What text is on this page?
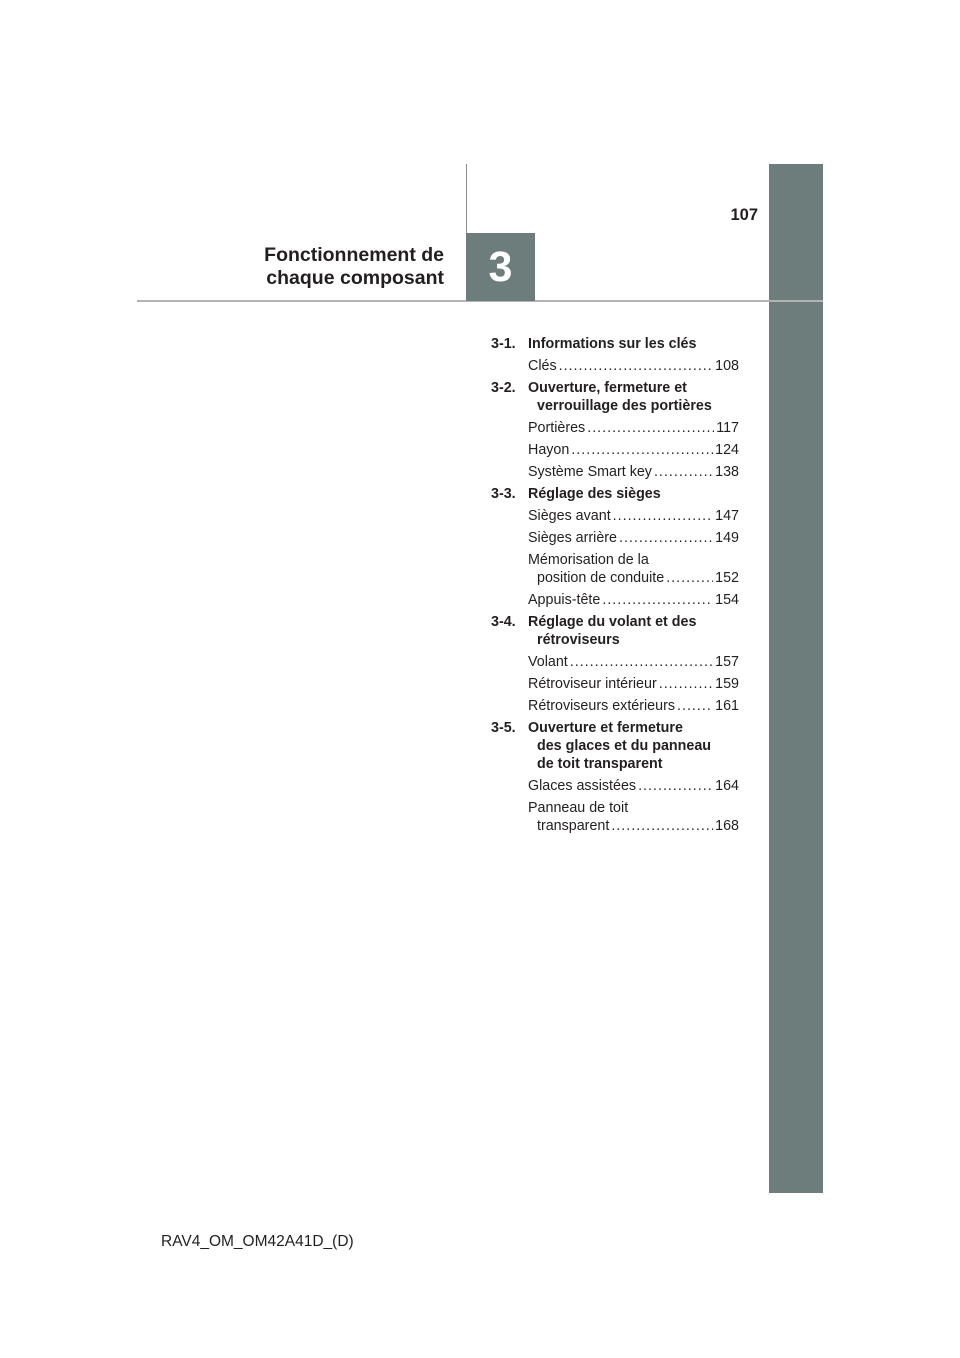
107
Fonctionnement de
chaque composant	3
3-1. Informations sur les clés
Clés .....	108
3-2. Ouverture, fermeture et
verrouillage des portières
Portières .....	117
Hayon .....	124
Système Smart key .....	138
3-3. Réglage des sièges
Sièges avant .....	147
Sièges arrière .....	149
Mémorisation de la
position de conduite .....	152
Appuis-tête .....	154
3-4. Réglage du volant et des
rétroviseurs
Volant .....	157
Rétroviseur intérieur .....	159
Rétroviseurs extérieurs .....	161
3-5. Ouverture et fermeture
des glaces et du panneau
de toit transparent
Glaces assistées .....	164
Panneau de toit
transparent .....	168
RAV4_OM_OM42A41D_(D)
